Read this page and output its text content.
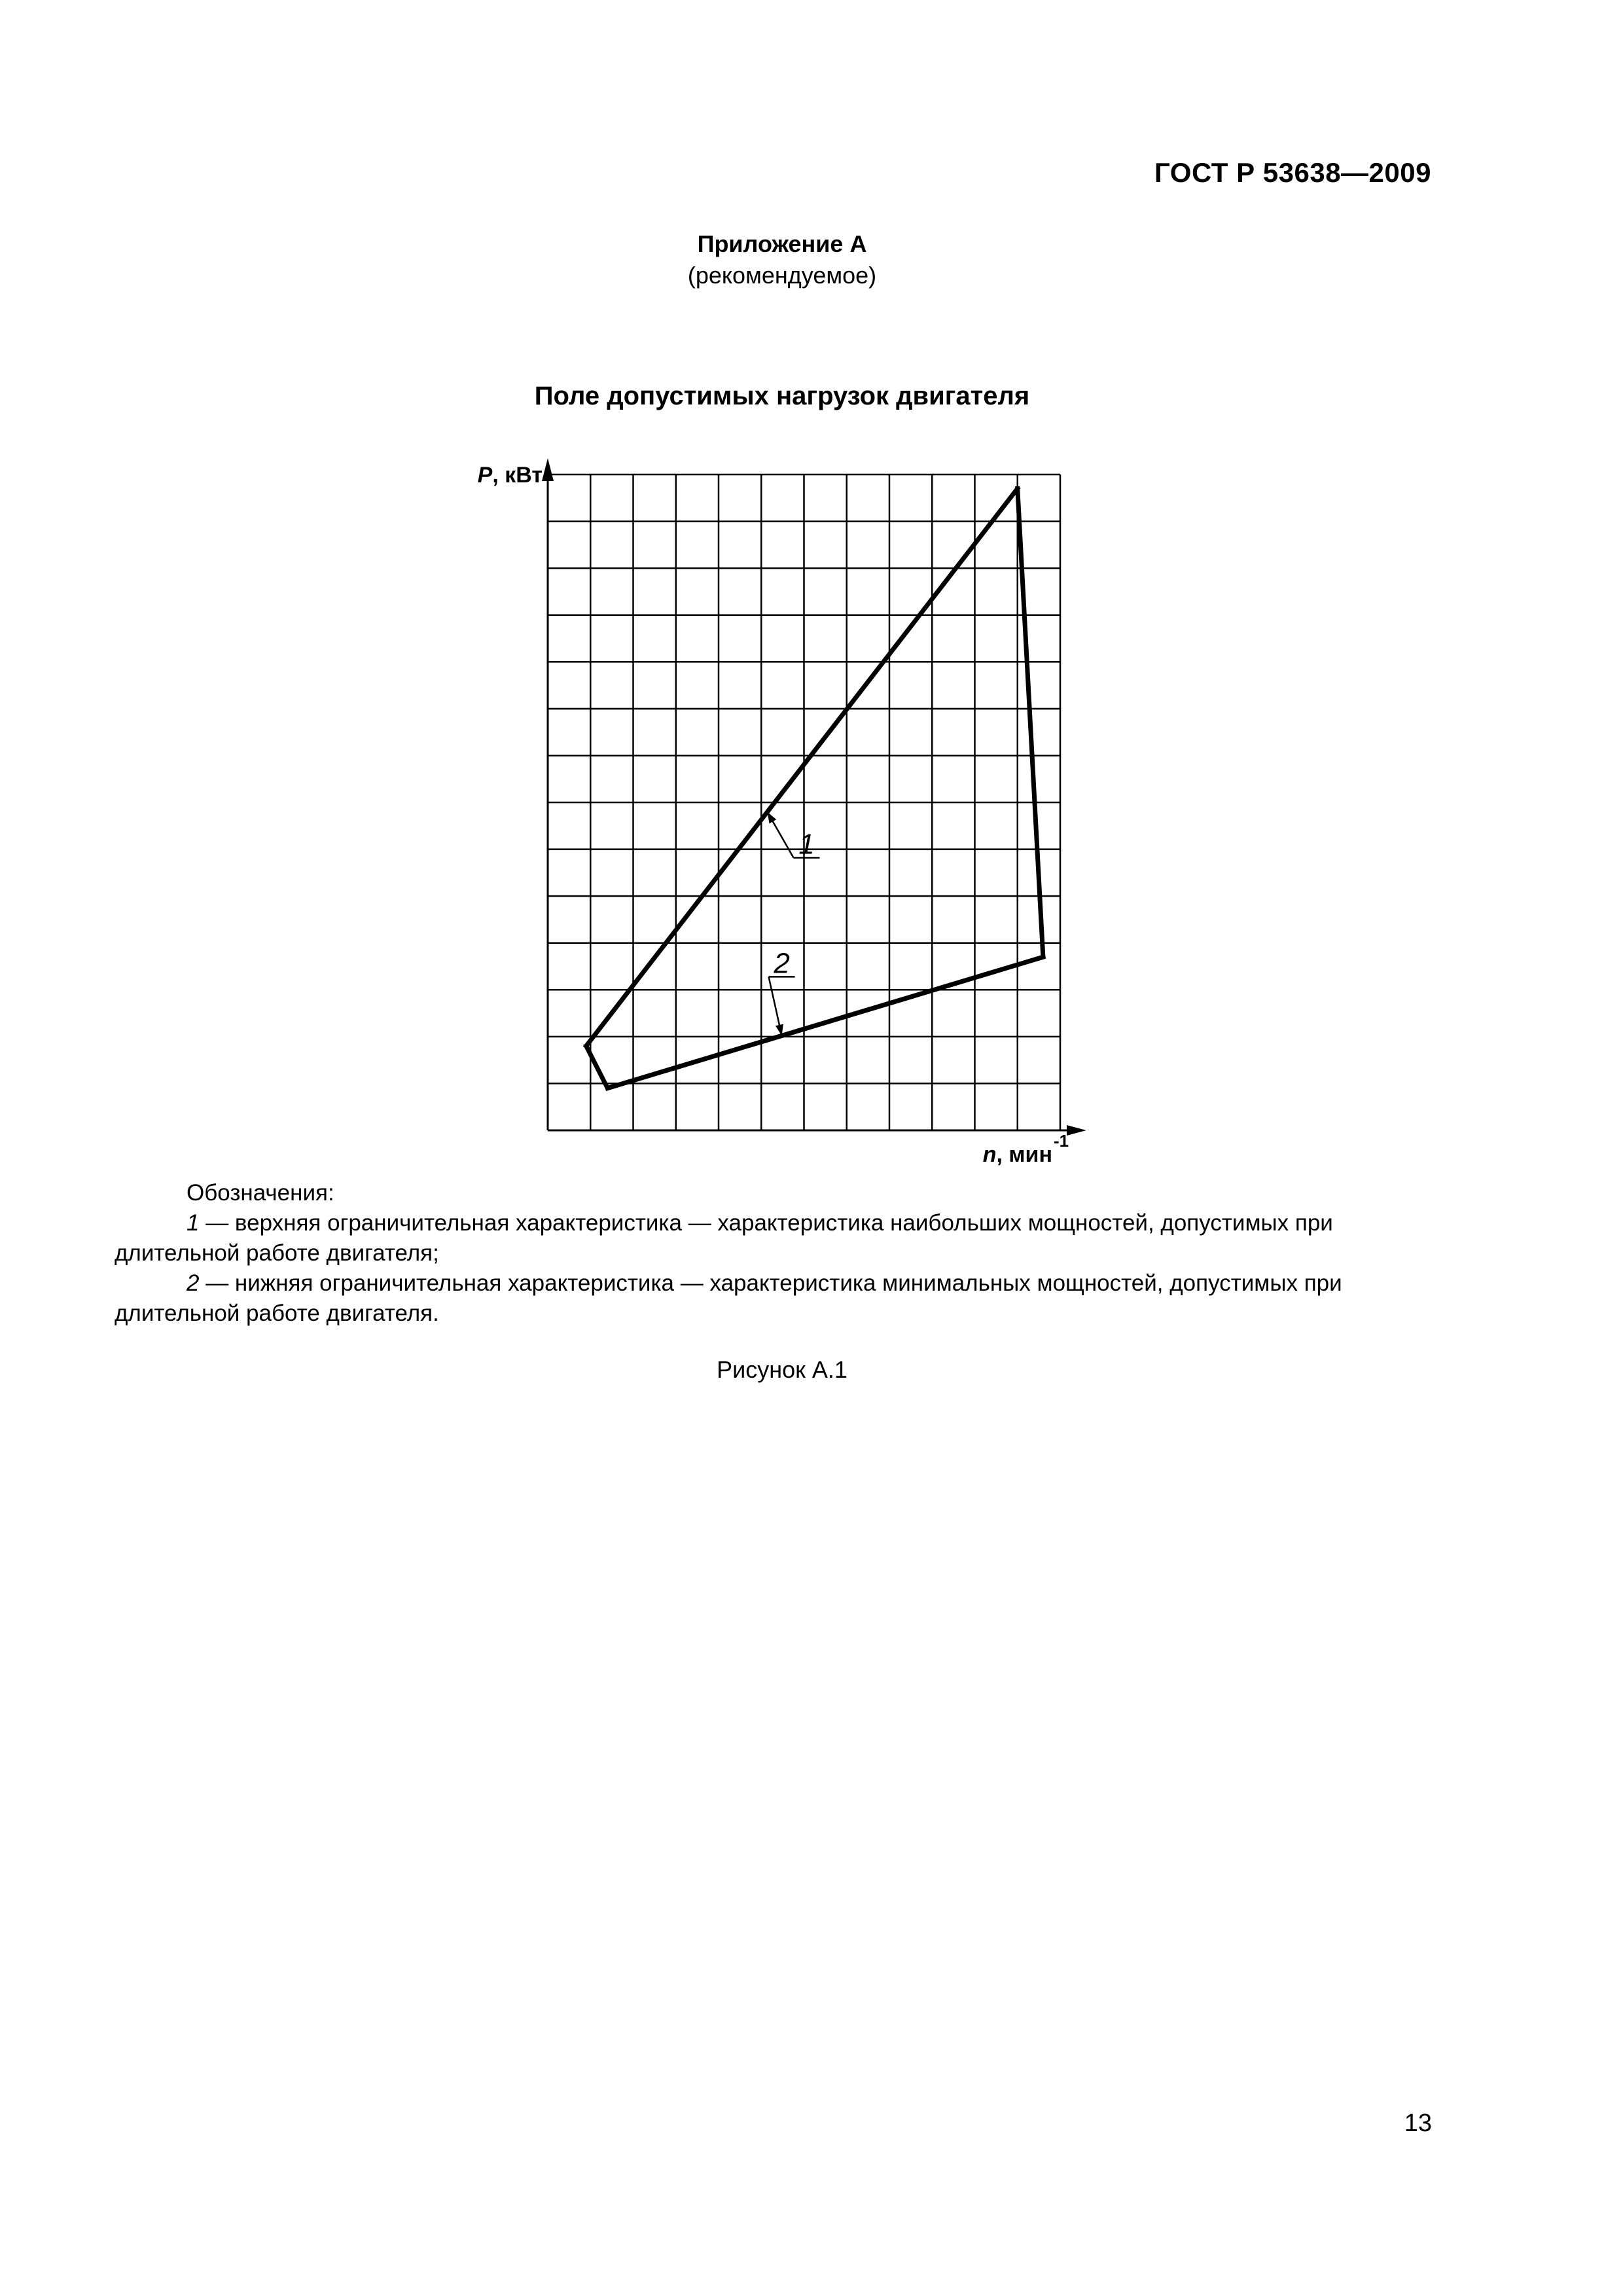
ГОСТ Р 53638—2009
Приложение А
(рекомендуемое)
Поле допустимых нагрузок двигателя
1
2
P, кВт
n, мин
-1

Обозначения:

1 — верхняя ограничительная характеристика — характеристика наибольших мощностей, допустимых при длительной работе двигателя;

2 — нижняя ограничительная характеристика — характеристика минимальных мощностей, допустимых при длительной работе двигателя.

Рисунок А.1
13
